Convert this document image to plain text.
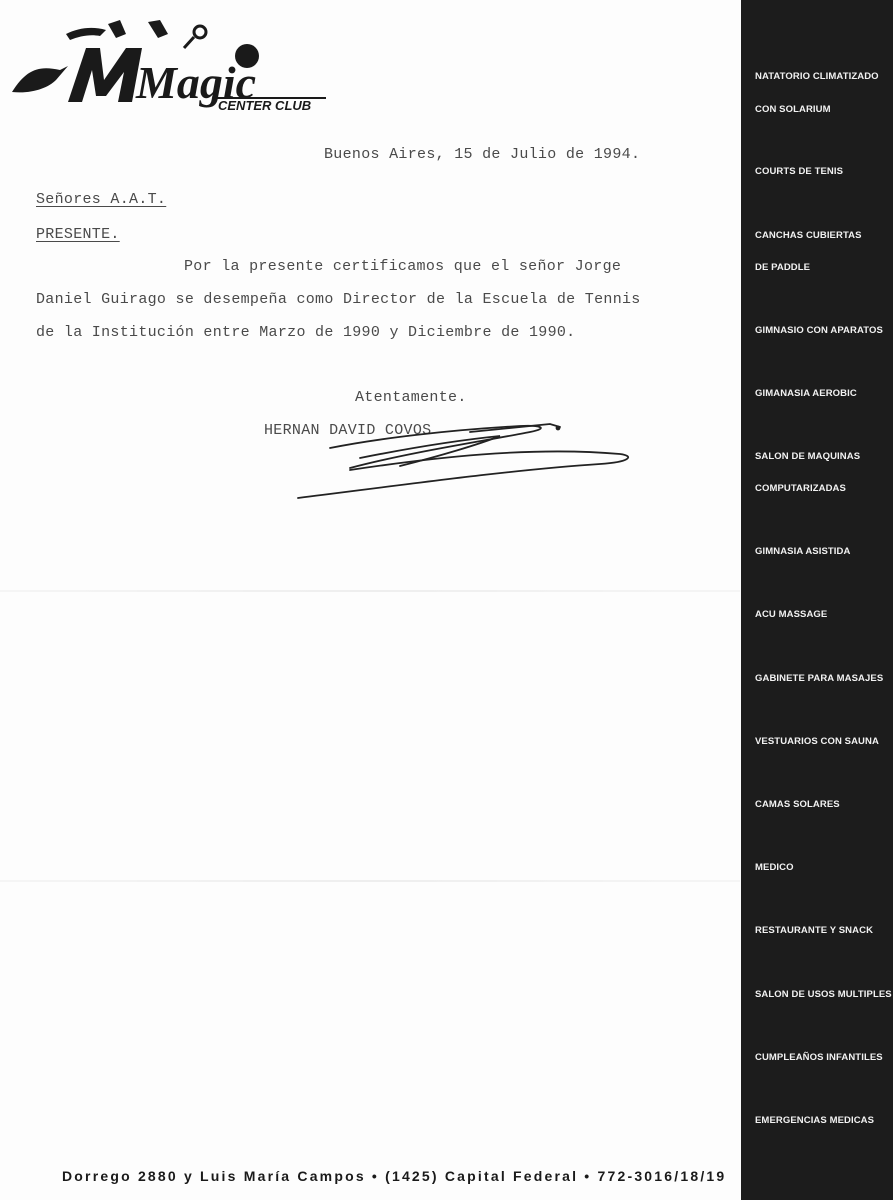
Magic
CENTER CLUB
Buenos Aires, 15 de Julio de 1994.
Señores A.A.T.
PRESENTE.
Por la presente certificamos que el señor Jorge
Daniel Guirago se desempeña como Director de la Escuela de Tennis
de la Institución entre Marzo de 1990 y Diciembre de 1990.
Atentamente.
HERNAN DAVID COVOS
Dorrego 2880 y Luis María Campos • (1425) Capital Federal • 772-3016/18/19
NATATORIO CLIMATIZADO
CON SOLARIUM
COURTS DE TENIS
CANCHAS CUBIERTAS
DE PADDLE
GIMNASIO CON APARATOS
GIMANASIA AEROBIC
SALON DE MAQUINAS
COMPUTARIZADAS
GIMNASIA ASISTIDA
ACU MASSAGE
GABINETE PARA MASAJES
VESTUARIOS CON SAUNA
CAMAS SOLARES
MEDICO
RESTAURANTE Y SNACK
SALON DE USOS MULTIPLES
CUMPLEAÑOS INFANTILES
EMERGENCIAS MEDICAS
